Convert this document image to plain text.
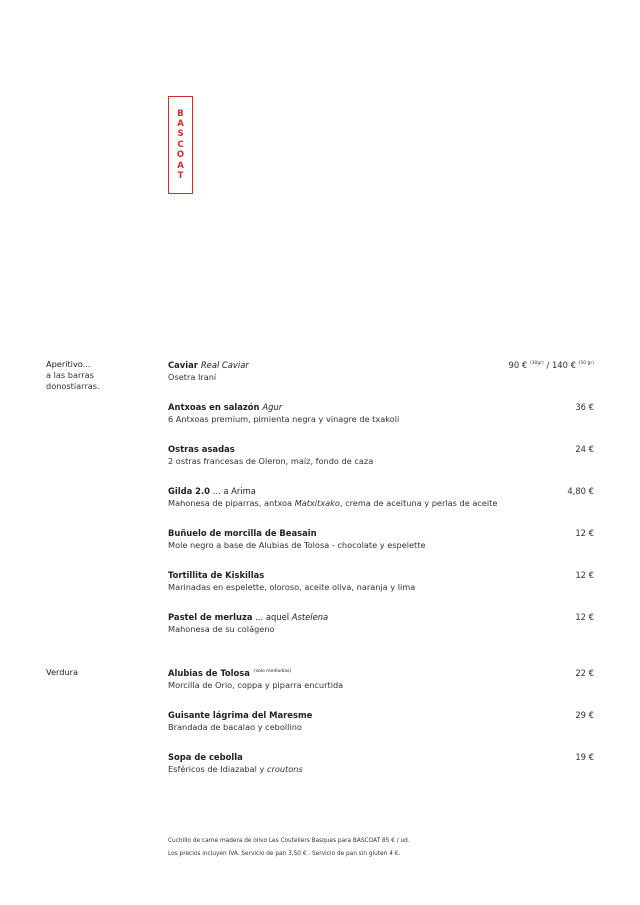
B
A
S
C
O
A
T
Aperitivo...
a las barras
donostiarras.
Verdura
Caviar Real Caviar	90 € $^{(30gr)}$ / 140 € $^{(50 gr)}$
Osetra Iraní
Antxoas en salazón Agur	36 €
6 Antxoas premium, pimienta negra y vinagre de txakoli
Ostras asadas	24 €
2 ostras francesas de Oleron, maíz, fondo de caza
Gilda 2.0 ... a Arima	4,80 €
Mahonesa de piparras, antxoa Matxitxako, crema de aceituna y perlas de aceite
Buñuelo de morcilla de Beasain	12 €
Mole negro a base de Alubias de Tolosa - chocolate y espelette
Tortillita de Kiskillas	12 €
Marinadas en espelette, oloroso, aceite oliva, naranja y lima
Pastel de merluza ... aquel Astelena	12 €
Mahonesa de su colágeno
Alubias de Tolosa $^{(solo mediodías)}$	22 €
Morcilla de Orio, coppa y piparra encurtida
Guisante lágrima del Maresme	29 €
Brandada de bacalao y cebollino
Sopa de cebolla	19 €
Esféricos de Idiazabal y croutons
Cuchillo de carne madera de olivo Les Couteliers Basques para BASCOAT 85 € / ud.
Los precios incluyen IVA. Servicio de pan 3,50 € . Servicio de pan sin gluten 4 €.
